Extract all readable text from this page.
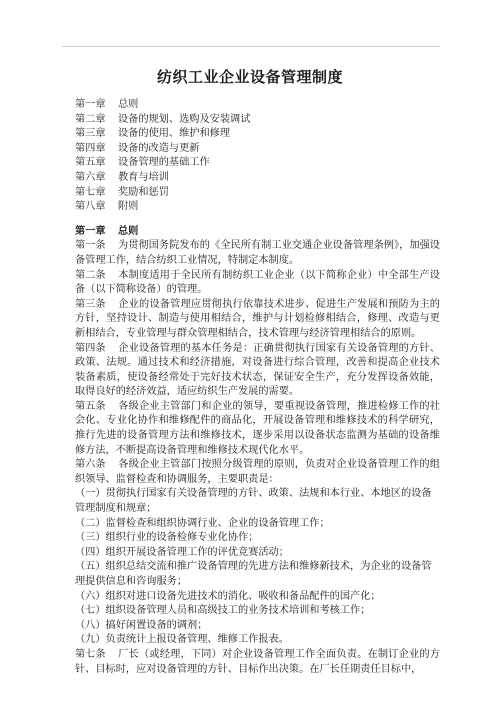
纺织工业企业设备管理制度
第一章 总则
第二章 设备的规划、选购及安装调试
第三章 设备的使用、维护和修理
第四章 设备的改造与更新
第五章 设备管理的基础工作
第六章 教育与培训
第七章 奖励和惩罚
第八章 附则
第一章 总则
第一条 为贯彻国务院发布的《全民所有制工业交通企业设备管理条例》，加强设备管理工作，结合纺织工业情况，特制定本制度。
第二条 本制度适用于全民所有制纺织工业企业（以下简称企业）中全部生产设备（以下简称设备）的管理。
第三条 企业的设备管理应贯彻执行依靠技术进步、促进生产发展和预防为主的方针，坚持设计、制造与使用相结合，维护与计划检修相结合，修理、改造与更新相结合，专业管理与群众管理相结合，技术管理与经济管理相结合的原则。
第四条 企业设备管理的基本任务是：正确贯彻执行国家有关设备管理的方针、政策、法规。通过技术和经济措施，对设备进行综合管理，改善和提高企业技术装备素质，使设备经常处于完好技术状态，保证安全生产，充分发挥设备效能，取得良好的经济效益，适应纺织生产发展的需要。
第五条 各级企业主管部门和企业的领导，要重视设备管理，推进检修工作的社会化、专业化协作和维修配件的商品化，开展设备管理和维修技术的科学研究，推行先进的设备管理方法和维修技术，逐步采用以设备状态监测为基础的设备维修方法，不断提高设备管理和维修技术现代化水平。
第六条 各级企业主管部门按照分级管理的原则，负责对企业设备管理工作的组织领导、监督检查和协调服务，主要职责是：
（一）贯彻执行国家有关设备管理的方针、政策、法规和本行业、本地区的设备管理制度和规章；
（二）监督检查和组织协调行业、企业的设备管理工作；
（三）组织行业的设备检修专业化协作；
（四）组织开展设备管理工作的评优竞赛活动；
（五）组织总结交流和推广设备管理的先进方法和维修新技术，为企业的设备管理提供信息和咨询服务；
（六）组织对进口设备先进技术的消化、吸收和备品配件的国产化；
（七）组织设备管理人员和高级技工的业务技术培训和考核工作；
（八）搞好闲置设备的调剂；
（九）负责统计上报设备管理、维修工作报表。
第七条 厂长（或经理，下同）对企业设备管理工作全面负责。在制订企业的方针、目标时，应对设备管理的方针、目标作出决策。在厂长任期责任目标中，
